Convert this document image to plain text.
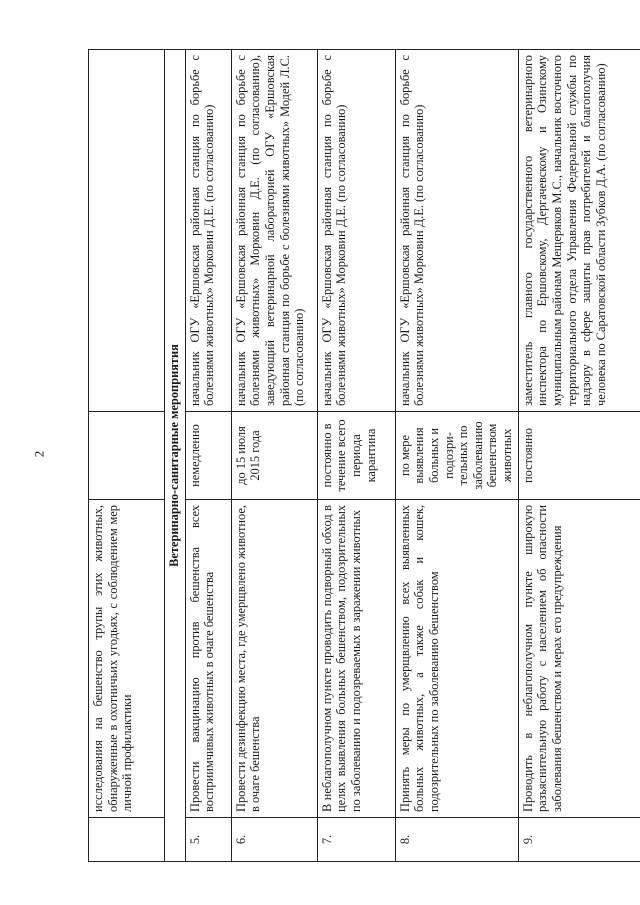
2
	исследования на бешенство трупы этих животных, обнаруженные в охотничьих угодьях, с соблюдением мер личной профилактики		
Ветеринарно-санитарные мероприятия			
5.	Провести вакцинацию против бешенства всех восприимчивых животных в очаге бешенства	немедленно	начальник ОГУ «Ершовская районная станция по борьбе с болезнями животных» Морковин Д.Е. (по согласованию)
6.	Провести дезинфекцию места, где умерщвлено животное, в очаге бешенства	до 15 июля 2015 года	начальник ОГУ «Ершовская районная станция по борьбе с болезнями животных» Морковин Д.Е. (по согласованию), заведующий ветеринарной лабораторией ОГУ «Ершовская районная станция по борьбе с болезнями животных» Модей Л.С. (по согласованию)
7.	В неблагополучном пункте проводить подворный обход в целях выявления больных бешенством, подозрительных по заболеванию и подозреваемых в заражении животных	постоянно в течение всего периода карантина	начальник ОГУ «Ершовская районная станция по борьбе с болезнями животных» Морковин Д.Е. (по согласованию)
8.	Принять меры по умерщвлению всех выявленных больных животных, а также собак и кошек, подозрительных по заболеванию бешенством	по мере выявления больных и подозри-тельных по заболеванию бешенством животных	начальник ОГУ «Ершовская районная станция по борьбе с болезнями животных» Морковин Д.Е. (по согласованию)
9.	Проводить в неблагополучном пункте широкую разъяснительную работу с населением об опасности заболевания бешенством и мерах его предупреждения	постоянно	заместитель главного государственного ветеринарного инспектора по Ершовскому, Дергачевскому и Озинскому муниципальным районам Мещеряков М.С., начальник восточного территориального отдела Управления Федеральной службы по надзору в сфере защиты прав потребителей и благополучия человека по Саратовской области Зубков Д.А. (по согласованию)
